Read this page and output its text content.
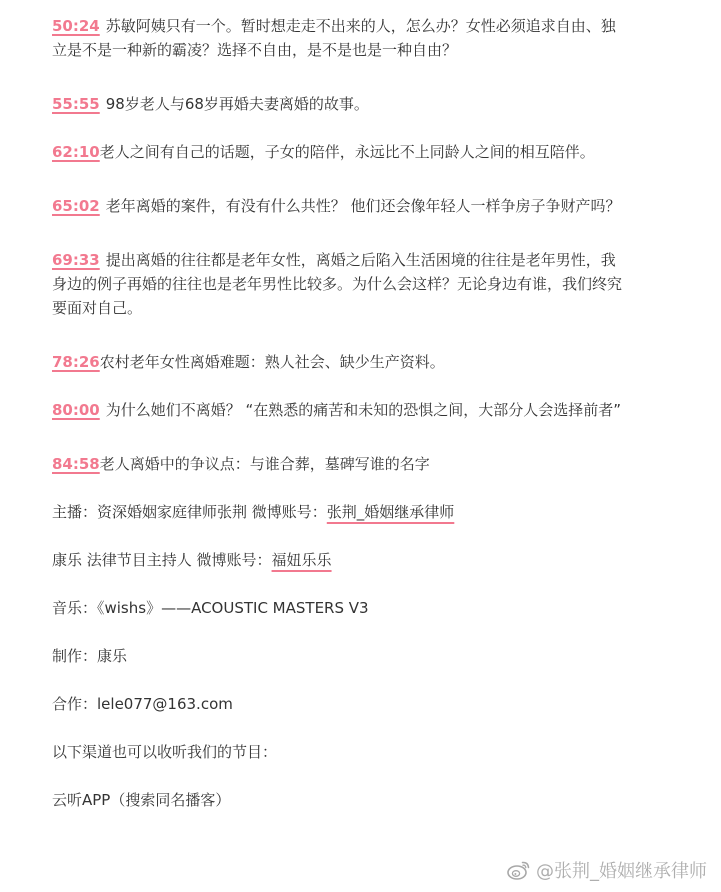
50:24 苏敏阿姨只有一个。暂时想走走不出来的人，怎么办？女性必须追求自由、独立是不是一种新的霸凌？选择不自由，是不是也是一种自由？

55:55 98岁老人与68岁再婚夫妻离婚的故事。

62:10老人之间有自己的话题，子女的陪伴，永远比不上同龄人之间的相互陪伴。

65:02 老年离婚的案件，有没有什么共性？ 他们还会像年轻人一样争房子争财产吗？

69:33 提出离婚的往往都是老年女性，离婚之后陷入生活困境的往往是老年男性，我身边的例子再婚的往往也是老年男性比较多。为什么会这样？无论身边有谁，我们终究要面对自己。

78:26农村老年女性离婚难题：熟人社会、缺少生产资料。

80:00 为什么她们不离婚？ “在熟悉的痛苦和未知的恐惧之间，大部分人会选择前者”

84:58老人离婚中的争议点：与谁合葬，墓碑写谁的名字

主播：资深婚姻家庭律师张荆 微博账号：张荆_婚姻继承律师

康乐 法律节目主持人 微博账号：福妞乐乐

音乐：《wishs》——ACOUSTIC MASTERS V3

制作：康乐

合作：lele077@163.com

以下渠道也可以收听我们的节目：

云听APP（搜索同名播客）

@张荆_婚姻继承律师
